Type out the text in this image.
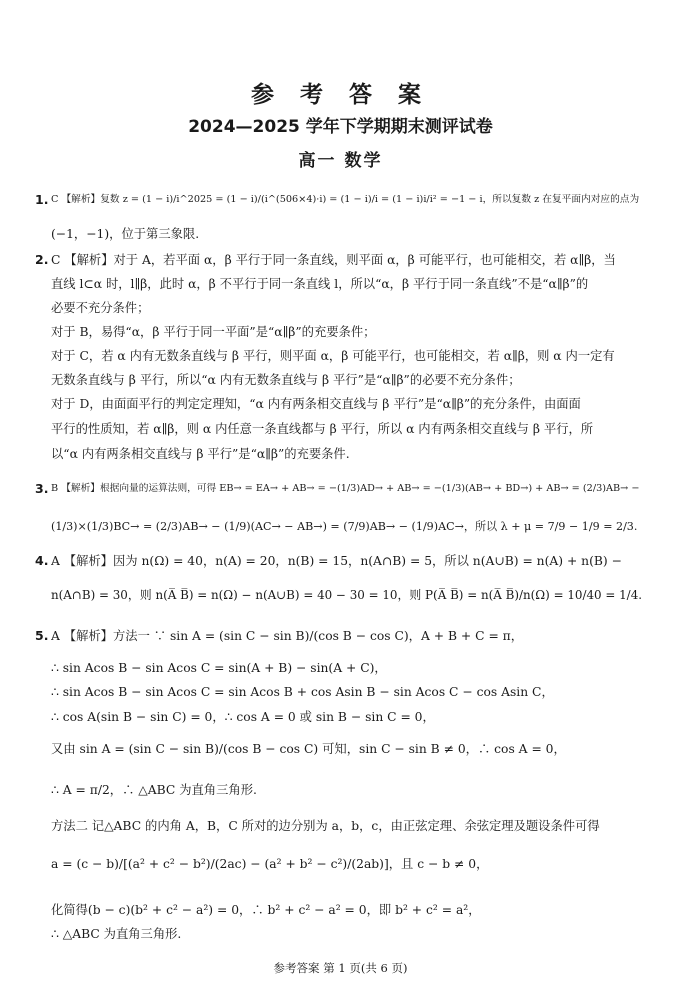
参 考 答 案
2024—2025 学年下学期期末测评试卷
高一 数学
1. C 【解析】复数 z = (1 − i)/i^2025 = (1 − i)/(i^(506×4)·i) = (1 − i)/i = (1 − i)i/i² = −1 − i，所以复数 z 在复平面内对应的点为
(−1，−1)，位于第三象限.
2. C 【解析】对于 A，若平面 α，β 平行于同一条直线，则平面 α，β 可能平行，也可能相交，若 α∥β，当
直线 l⊂α 时，l∥β，此时 α，β 不平行于同一条直线 l，所以“α，β 平行于同一条直线”不是“α∥β”的
必要不充分条件；
对于 B，易得“α，β 平行于同一平面”是“α∥β”的充要条件；
对于 C，若 α 内有无数条直线与 β 平行，则平面 α，β 可能平行，也可能相交，若 α∥β，则 α 内一定有
无数条直线与 β 平行，所以“α 内有无数条直线与 β 平行”是“α∥β”的必要不充分条件；
对于 D，由面面平行的判定定理知，“α 内有两条相交直线与 β 平行”是“α∥β”的充分条件，由面面
平行的性质知，若 α∥β，则 α 内任意一条直线都与 β 平行，所以 α 内有两条相交直线与 β 平行，所
以“α 内有两条相交直线与 β 平行”是“α∥β”的充要条件.
3. B 【解析】根据向量的运算法则，可得 EB→ = EA→ + AB→ = −(1/3)AD→ + AB→ = −(1/3)(AB→ + BD→) + AB→ = (2/3)AB→ −
(1/3)×(1/3)BC→ = (2/3)AB→ − (1/9)(AC→ − AB→) = (7/9)AB→ − (1/9)AC→，所以 λ + μ = 7/9 − 1/9 = 2/3.
4. A 【解析】因为 n(Ω) = 40，n(A) = 20，n(B) = 15，n(A∩B) = 5，所以 n(A∪B) = n(A) + n(B) −
n(A∩B) = 30，则 n(A̅ B̅) = n(Ω) − n(A∪B) = 40 − 30 = 10，则 P(A̅ B̅) = n(A̅ B̅)/n(Ω) = 10/40 = 1/4.
5. A 【解析】方法一 ∵ sin A = (sin C − sin B)/(cos B − cos C)，A + B + C = π，
∴ sin Acos B − sin Acos C = sin(A + B) − sin(A + C)，
∴ sin Acos B − sin Acos C = sin Acos B + cos Asin B − sin Acos C − cos Asin C，
∴ cos A(sin B − sin C) = 0，∴ cos A = 0 或 sin B − sin C = 0，
又由 sin A = (sin C − sin B)/(cos B − cos C) 可知，sin C − sin B ≠ 0，∴ cos A = 0，
∴ A = π/2，∴ △ABC 为直角三角形.
方法二 记△ABC 的内角 A，B，C 所对的边分别为 a，b，c，由正弦定理、余弦定理及题设条件可得
a = (c − b)/[(a² + c² − b²)/(2ac) − (a² + b² − c²)/(2ab)]，且 c − b ≠ 0，
化简得(b − c)(b² + c² − a²) = 0，∴ b² + c² − a² = 0，即 b² + c² = a²，
∴ △ABC 为直角三角形.
参考答案 第 1 页(共 6 页)
